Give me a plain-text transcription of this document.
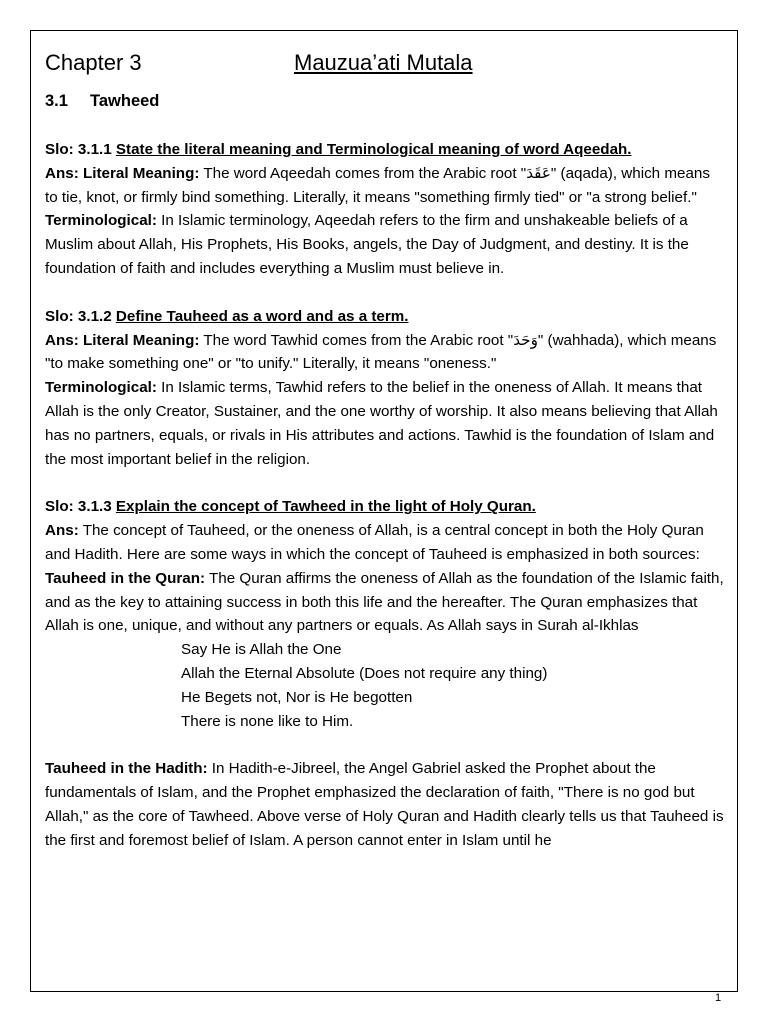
Chapter 3	Mauzua’ati Mutala
3.1 Tawheed

Slo: 3.1.1 State the literal meaning and Terminological meaning of word Aqeedah.

Ans: Literal Meaning: The word Aqeedah comes from the Arabic root "عَقَدَ" (aqada), which means to tie, knot, or firmly bind something. Literally, it means "something firmly tied" or "a strong belief."

Terminological: In Islamic terminology, Aqeedah refers to the firm and unshakeable beliefs of a Muslim about Allah, His Prophets, His Books, angels, the Day of Judgment, and destiny. It is the foundation of faith and includes everything a Muslim must believe in.

Slo: 3.1.2 Define Tauheed as a word and as a term.

Ans: Literal Meaning: The word Tawhid comes from the Arabic root "وَحَدَ" (wahhada), which means "to make something one" or "to unify." Literally, it means "oneness."

Terminological: In Islamic terms, Tawhid refers to the belief in the oneness of Allah. It means that Allah is the only Creator, Sustainer, and the one worthy of worship. It also means believing that Allah has no partners, equals, or rivals in His attributes and actions. Tawhid is the foundation of Islam and the most important belief in the religion.

Slo: 3.1.3 Explain the concept of Tawheed in the light of Holy Quran.

Ans: The concept of Tauheed, or the oneness of Allah, is a central concept in both the Holy Quran and Hadith. Here are some ways in which the concept of Tauheed is emphasized in both sources:

Tauheed in the Quran: The Quran affirms the oneness of Allah as the foundation of the Islamic faith, and as the key to attaining success in both this life and the hereafter. The Quran emphasizes that Allah is one, unique, and without any partners or equals. As Allah says in Surah al-Ikhlas

Say He is Allah the One

Allah the Eternal Absolute (Does not require any thing)

He Begets not, Nor is He begotten

There is none like to Him.

Tauheed in the Hadith: In Hadith-e-Jibreel, the Angel Gabriel asked the Prophet about the fundamentals of Islam, and the Prophet emphasized the declaration of faith, "There is no god but Allah," as the core of Tawheed. Above verse of Holy Quran and Hadith clearly tells us that Tauheed is the first and foremost belief of Islam. A person cannot enter in Islam until he

1
